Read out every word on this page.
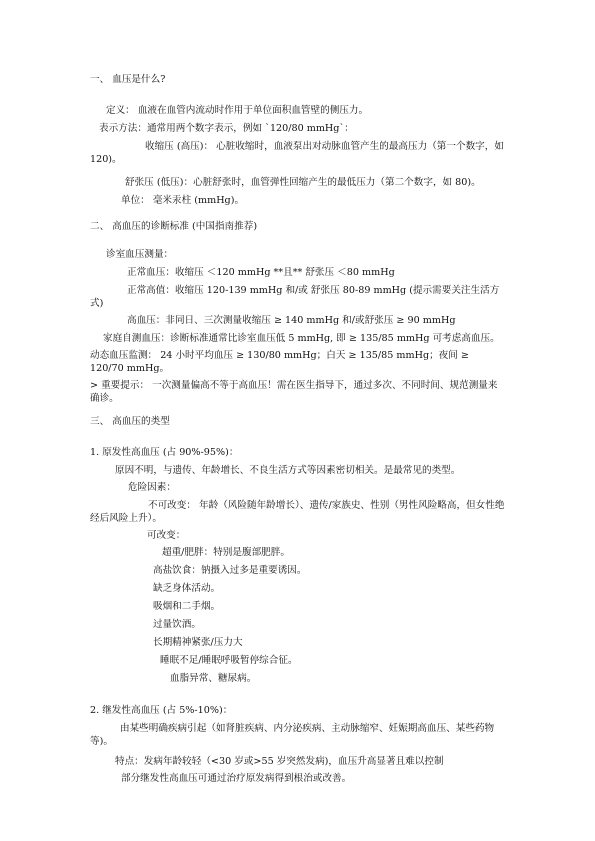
一、 血压是什么?
定义： 血液在血管内流动时作用于单位面积血管壁的侧压力。
表示方法：通常用两个数字表示，例如 `120/80 mmHg`：
收缩压 (高压)： 心脏收缩时，血液泵出对动脉血管产生的最高压力（第一个数字，如 120)。
舒张压 (低压)：心脏舒张时，血管弹性回缩产生的最低压力（第二个数字，如 80)。
单位： 毫米汞柱 (mmHg)。
二、 高血压的诊断标准 (中国指南推荐)
诊室血压测量：
正常血压：收缩压 ＜120 mmHg **且** 舒张压 ＜80 mmHg
正常高值：收缩压 120-139 mmHg 和/或 舒张压 80-89 mmHg (提示需要关注生活方式)
高血压：非同日、三次测量收缩压 ≥ 140 mmHg 和/或舒张压 ≥ 90 mmHg
家庭自测血压：诊断标准通常比诊室血压低 5 mmHg, 即 ≥ 135/85 mmHg 可考虑高血压。
动态血压监测： 24 小时平均血压 ≥ 130/80 mmHg；白天 ≥ 135/85 mmHg；夜间 ≥ 120/70 mmHg。
> 重要提示： 一次测量偏高不等于高血压！需在医生指导下，通过多次、不同时间、规范测量来确诊。
三、 高血压的类型
1. 原发性高血压 (占 90%-95%)：
原因不明，与遗传、年龄增长、不良生活方式等因素密切相关。是最常见的类型。
危险因素：
不可改变： 年龄（风险随年龄增长）、遗传/家族史、性别（男性风险略高，但女性绝经后风险上升）。
可改变：
超重/肥胖：特别是腹部肥胖。
高盐饮食：钠摄入过多是重要诱因。
缺乏身体活动。
吸烟和二手烟。
过量饮酒。
长期精神紧张/压力大
睡眠不足/睡眠呼吸暂停综合征。
血脂异常、糖尿病。
2. 继发性高血压 (占 5%-10%)：
由某些明确疾病引起（如肾脏疾病、内分泌疾病、主动脉缩窄、妊娠期高血压、某些药物等)。
特点：发病年龄较轻（<30 岁或>55 岁突然发病)，血压升高显著且难以控制
部分继发性高血压可通过治疗原发病得到根治或改善。
